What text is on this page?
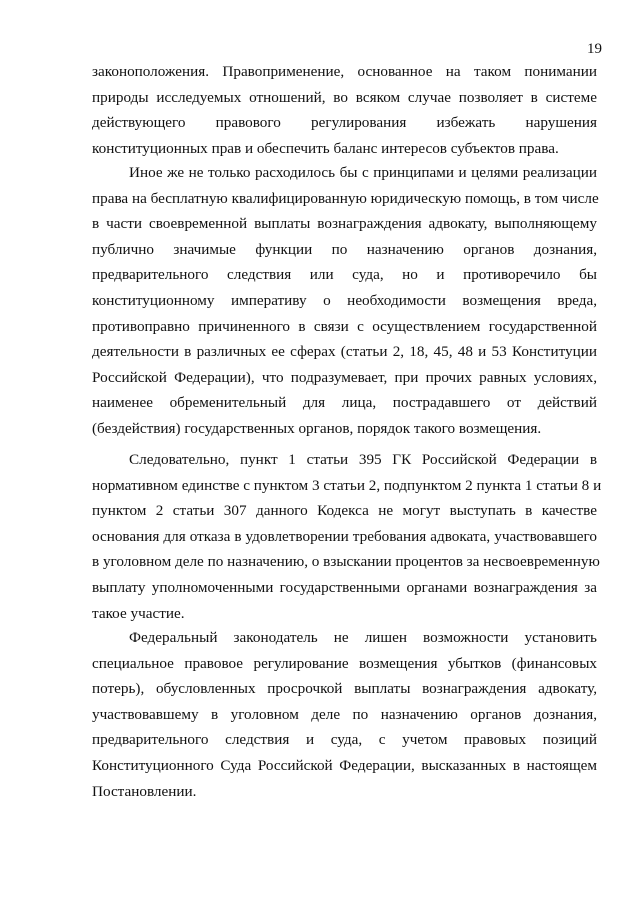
19
законоположения. Правоприменение, основанное на таком понимании
природы исследуемых отношений, во всяком случае позволяет в системе
действующего правового регулирования избежать нарушения
конституционных прав и обеспечить баланс интересов субъектов права.
Иное же не только расходилось бы с принципами и целями реализации
права на бесплатную квалифицированную юридическую помощь, в том числе
в части своевременной выплаты вознаграждения адвокату, выполняющему
публично значимые функции по назначению органов дознания,
предварительного следствия или суда, но и противоречило бы
конституционному императиву о необходимости возмещения вреда,
противоправно причиненного в связи с осуществлением государственной
деятельности в различных ее сферах (статьи 2, 18, 45, 48 и 53 Конституции
Российской Федерации), что подразумевает, при прочих равных условиях,
наименее обременительный для лица, пострадавшего от действий
(бездействия) государственных органов, порядок такого возмещения.
Следовательно, пункт 1 статьи 395 ГК Российской Федерации в
нормативном единстве с пунктом 3 статьи 2, подпунктом 2 пункта 1 статьи 8 и
пунктом 2 статьи 307 данного Кодекса не могут выступать в качестве
основания для отказа в удовлетворении требования адвоката, участвовавшего
в уголовном деле по назначению, о взыскании процентов за несвоевременную
выплату уполномоченными государственными органами вознаграждения за
такое участие.
Федеральный законодатель не лишен возможности установить
специальное правовое регулирование возмещения убытков (финансовых
потерь), обусловленных просрочкой выплаты вознаграждения адвокату,
участвовавшему в уголовном деле по назначению органов дознания,
предварительного следствия и суда, с учетом правовых позиций
Конституционного Суда Российской Федерации, высказанных в настоящем
Постановлении.
